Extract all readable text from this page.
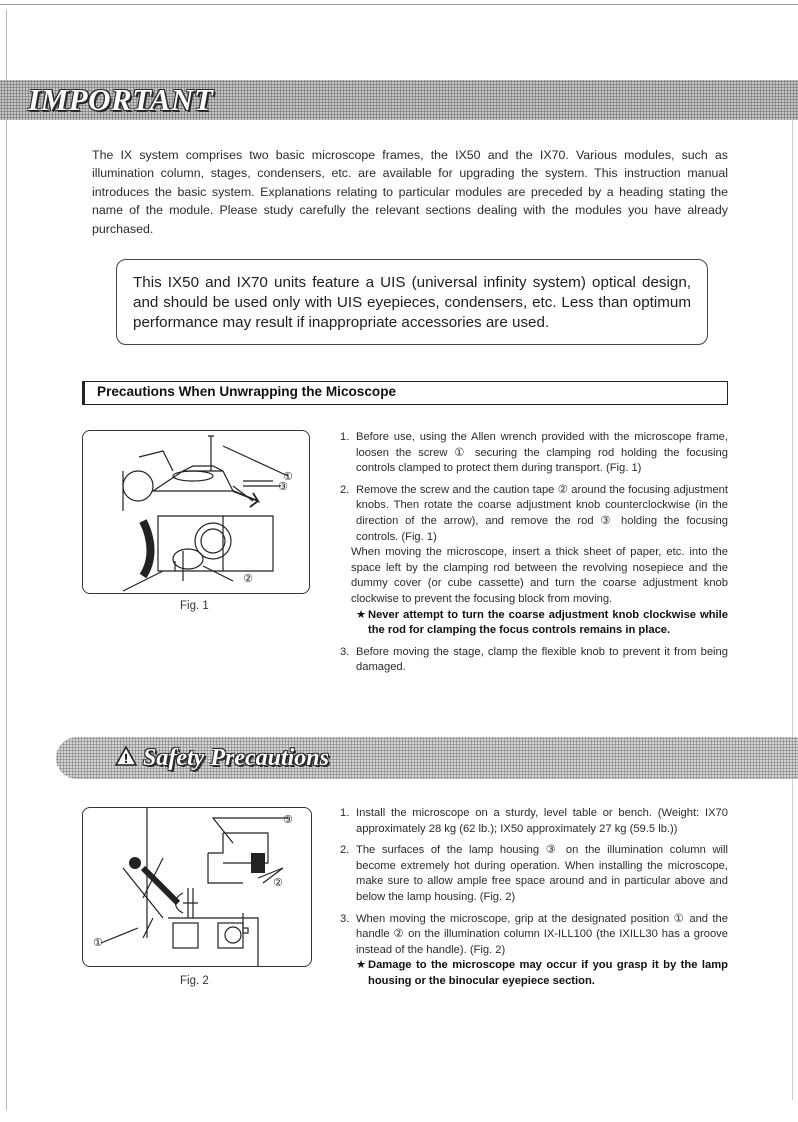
IMPORTANT

The IX system comprises two basic microscope frames, the IX50 and the IX70. Various modules, such as illumination column, stages, condensers, etc. are available for upgrading the system. This instruction manual introduces the basic system. Explanations relating to particular modules are preceded by a heading stating the name of the module. Please study carefully the relevant sections dealing with the modules you have already purchased.

This IX50 and IX70 units feature a UIS (universal infinity system) optical design, and should be used only with UIS eyepieces, condensers, etc. Less than optimum performance may result if inappropriate accessories are used.

Precautions When Unwrapping the Micoscope
①
③
②
Fig. 1
1. Before use, using the Allen wrench provided with the microscope frame, loosen the screw ① securing the clamping rod holding the focusing controls clamped to protect them during transport. (Fig. 1)
2. Remove the screw and the caution tape ② around the focusing adjustment knobs. Then rotate the coarse adjustment knob counterclockwise (in the direction of the arrow), and remove the rod ③ holding the focusing controls. (Fig. 1)
When moving the microscope, insert a thick sheet of paper, etc. into the space left by the clamping rod between the revolving nosepiece and the dummy cover (or cube cassette) and turn the coarse adjustment knob clockwise to prevent the focusing block from moving.
★ Never attempt to turn the coarse adjustment knob clockwise while the rod for clamping the focus controls remains in place.
3. Before moving the stage, clamp the flexible knob to prevent it from being damaged.
! Safety Precautions
③
②
①
Fig. 2
1. Install the microscope on a sturdy, level table or bench. (Weight: IX70 approximately 28 kg (62 lb.); IX50 approximately 27 kg (59.5 lb.))
2. The surfaces of the lamp housing ③ on the illumination column will become extremely hot during operation. When installing the microscope, make sure to allow ample free space around and in particular above and below the lamp housing. (Fig. 2)
3. When moving the microscope, grip at the designated position ① and the handle ② on the illumination column IX-ILL100 (the IXILL30 has a groove instead of the handle). (Fig. 2)
★ Damage to the microscope may occur if you grasp it by the lamp housing or the binocular eyepiece section.
